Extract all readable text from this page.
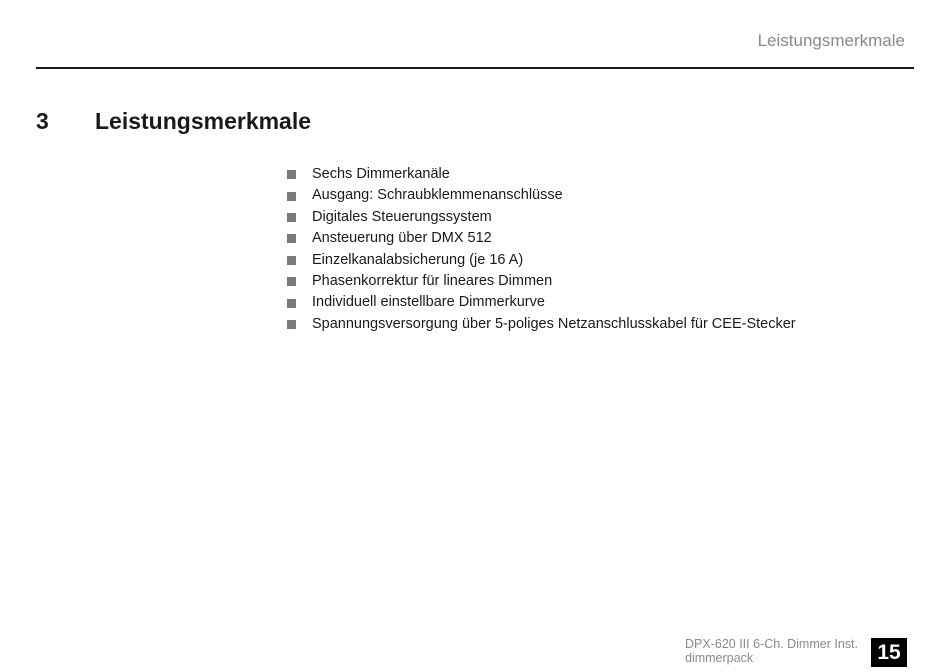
Leistungsmerkmale
3 Leistungsmerkmale
Sechs Dimmerkanäle
Ausgang: Schraubklemmenanschlüsse
Digitales Steuerungssystem
Ansteuerung über DMX 512
Einzelkanalabsicherung (je 16 A)
Phasenkorrektur für lineares Dimmen
Individuell einstellbare Dimmerkurve
Spannungsversorgung über 5-poliges Netzanschlusskabel für CEE-Stecker
DPX-620 III 6-Ch. Dimmer Inst.
dimmerpack	15
